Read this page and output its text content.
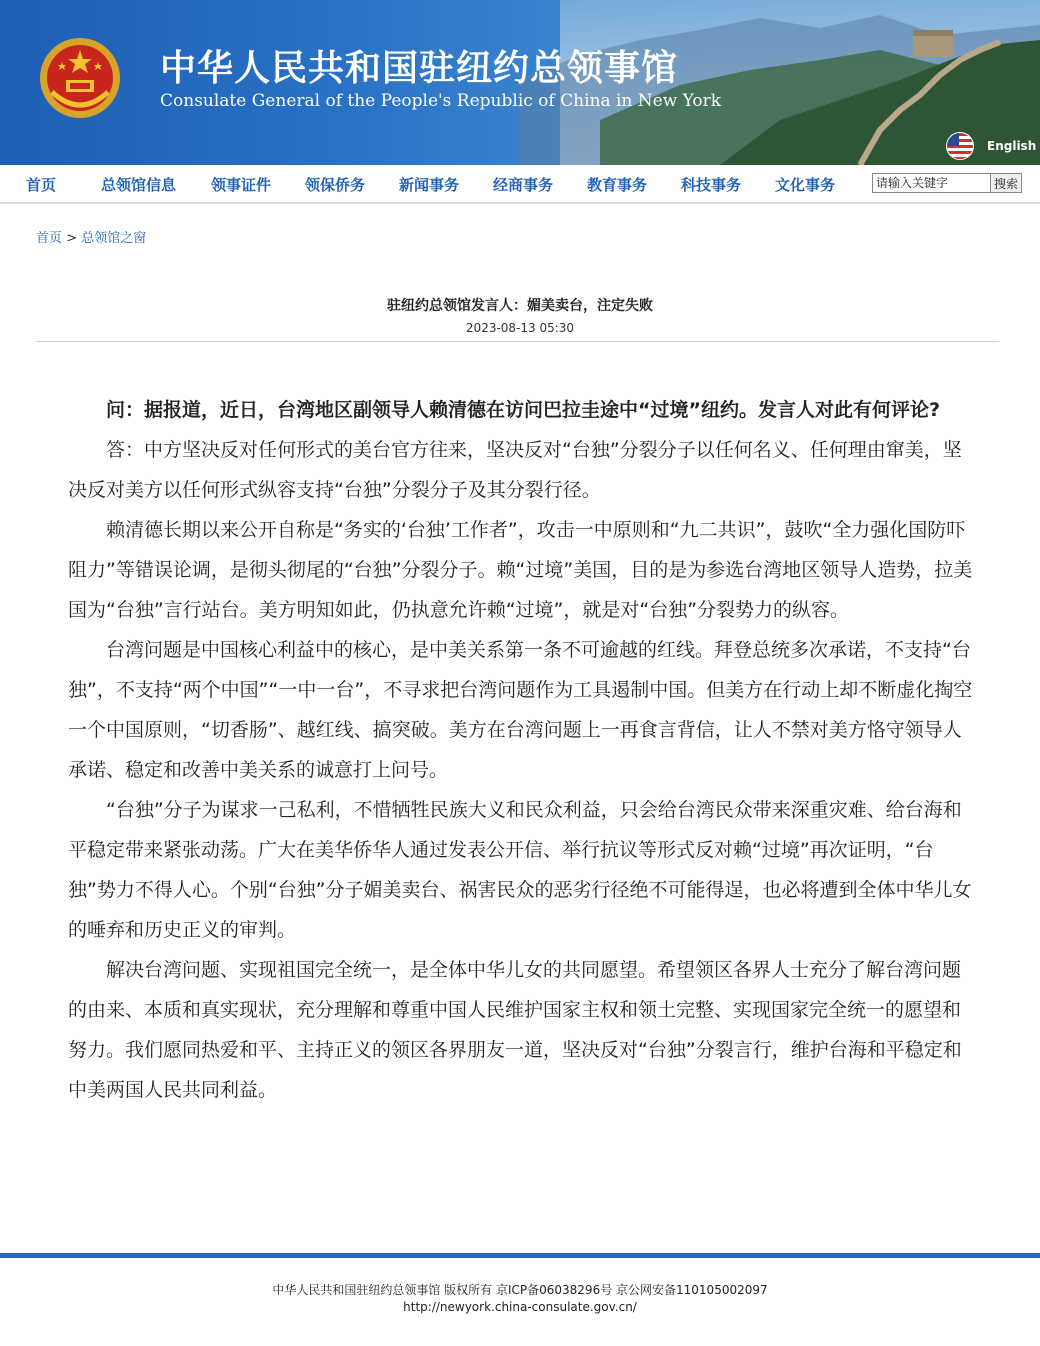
中华人民共和国驻纽约总领事馆
Consulate General of the People's Republic of China in New York
English
首页	总领馆信息 领事证件 领保侨务 新闻事务 经商事务 教育事务 科技事务 文化事务
请输入关键字	搜索
首页 > 总领馆之窗
驻纽约总领馆发言人：媚美卖台，注定失败
2023-08-13 05:30

问：据报道，近日，台湾地区副领导人赖清德在访问巴拉圭途中“过境”纽约。发言人对此有何评论?

答：中方坚决反对任何形式的美台官方往来，坚决反对“台独”分裂分子以任何名义、任何理由窜美，坚决反对美方以任何形式纵容支持“台独”分裂分子及其分裂行径。

赖清德长期以来公开自称是“务实的‘台独’工作者”，攻击一中原则和“九二共识”，鼓吹“全力强化国防吓阻力”等错误论调，是彻头彻尾的“台独”分裂分子。赖“过境”美国，目的是为参选台湾地区领导人造势，拉美国为“台独”言行站台。美方明知如此，仍执意允许赖“过境”，就是对“台独”分裂势力的纵容。

台湾问题是中国核心利益中的核心，是中美关系第一条不可逾越的红线。拜登总统多次承诺，不支持“台独”，不支持“两个中国”“一中一台”，不寻求把台湾问题作为工具遏制中国。但美方在行动上却不断虚化掏空一个中国原则，“切香肠”、越红线、搞突破。美方在台湾问题上一再食言背信，让人不禁对美方恪守领导人承诺、稳定和改善中美关系的诚意打上问号。

“台独”分子为谋求一己私利，不惜牺牲民族大义和民众利益，只会给台湾民众带来深重灾难、给台海和平稳定带来紧张动荡。广大在美华侨华人通过发表公开信、举行抗议等形式反对赖“过境”再次证明，“台独”势力不得人心。个别“台独”分子媚美卖台、祸害民众的恶劣行径绝不可能得逞，也必将遭到全体中华儿女的唾弃和历史正义的审判。

解决台湾问题、实现祖国完全统一，是全体中华儿女的共同愿望。希望领区各界人士充分了解台湾问题的由来、本质和真实现状，充分理解和尊重中国人民维护国家主权和领土完整、实现国家完全统一的愿望和努力。我们愿同热爱和平、主持正义的领区各界朋友一道，坚决反对“台独”分裂言行，维护台海和平稳定和中美两国人民共同利益。

中华人民共和国驻纽约总领事馆 版权所有 京ICP备06038296号 京公网安备110105002097
http://newyork.china-consulate.gov.cn/
